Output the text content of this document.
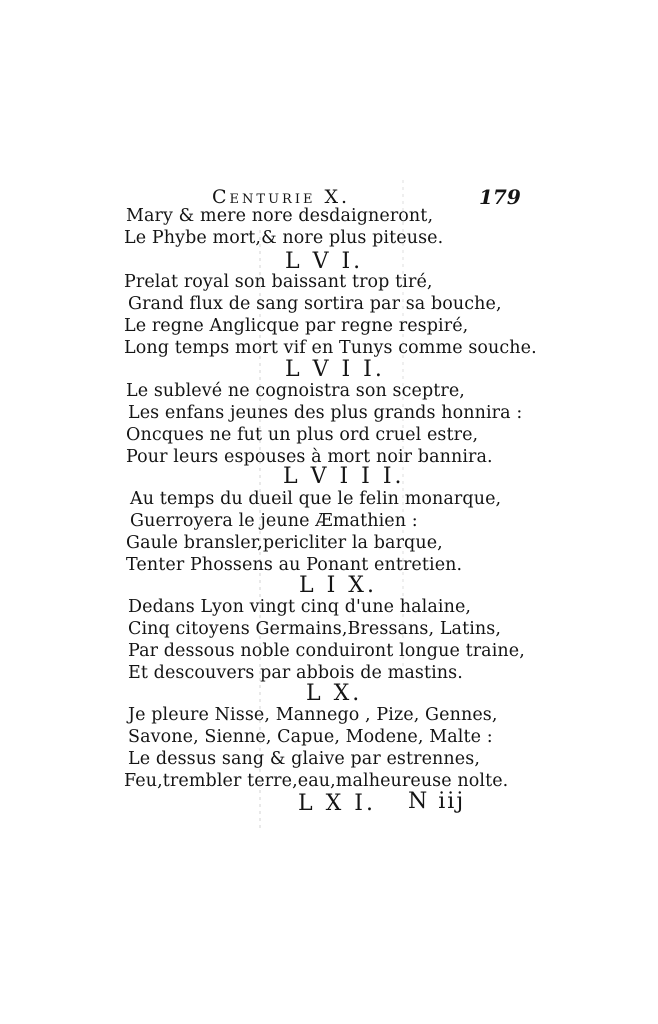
Centurie X.	179
Mary & mere nore desdaigneront,
Le Phybe mort,& nore plus piteuse.
L V I.
Prelat royal son baissant trop tiré,
Grand flux de sang sortira par sa bouche,
Le regne Anglicque par regne respiré,
Long temps mort vif en Tunys comme souche.
L V I I.
Le sublevé ne cognoistra son sceptre,
Les enfans jeunes des plus grands honnira :
Oncques ne fut un plus ord cruel estre,
Pour leurs espouses à mort noir bannira.
L V I I I.
Au temps du dueil que le felin monarque,
Guerroyera le jeune Æmathien :
Gaule bransler,pericliter la barque,
Tenter Phossens au Ponant entretien.
L I X.
Dedans Lyon vingt cinq d'une halaine,
Cinq citoyens Germains,Bressans, Latins,
Par dessous noble conduiront longue traine,
Et descouvers par abbois de mastins.
L X.
Je pleure Nisse, Mannego , Pize, Gennes,
Savone, Sienne, Capue, Modene, Malte :
Le dessus sang & glaive par estrennes,
Feu,trembler terre,eau,malheureuse nolte.
L X I. N iij
